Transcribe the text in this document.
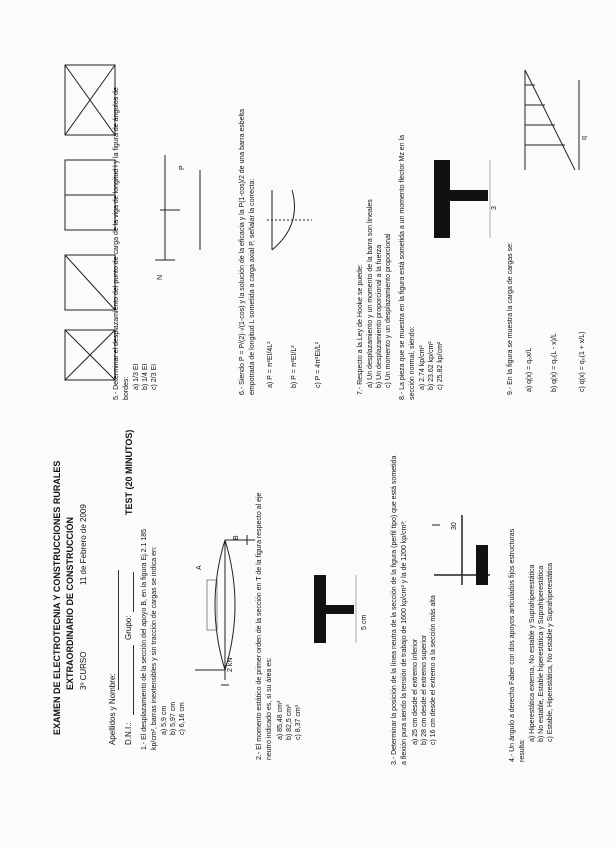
EXAMEN DE ELECTROTECNIA Y CONSTRUCCIONES RURALES EXTRAORDINARIO DE CONSTRUCCIÓN 3º CURSO
11 de Febrero de 2009
Apellidos y Nombre: D.N.I.:
Grupo:
TEST (20 MINUTOS)
1.- El desplazamiento de la sección del apoyo B, en la figura Ej.2.1 185 kp/cm², barras inextensibles y sin tracción de cargas se indica en: a) 5,9 cm b) 5,97 cm c) 6,16 cm
2 kN
A
B 2.- El momento estático de primer orden de la sección en T de la figura respecto al eje neutro indicado es, si su área es: a) 85,48 cm³ b) 82,5 cm³ c) 8,37 cm³
5 cm	3.- Determinar la posición de la línea neutra de la sección de la figura (perfil tipo) que está sometida a flexión pura siendo la tensión de trabajo de 1600 kp/cm² y la de 1200 kp/cm²: a) 25 cm desde el extremo inferior b) 28 cm desde el extremo superior c) 16 cm desde el extremo a la sección más alta
30
4.- Un ángulo a derecha Faber con dos apoyos articulados fijos estructuras resulta:
a) Hiperestática externa, No estable y Suprahiperestática b) No estable, Estable hiperestática y Suprahiperestática c) Estable, Hiperestática, No estable y Suprahiperestática
5.- Determinar el desplazamiento del punto de carga de la viga de longitud l y la figura de ángulos de bordes: a) 1/3 EI b) 1/4 EI c) 2/3 EI
N
P	6.- Siendo P = P/(2)·√(1-cos) y la solución de la eficacia y la P(1-cos)/2 de una barra esbelta empotrada de longitud L sometida a carga axial P, señalar la correcta: a) P = π²EI/4L² b) P = π²EI/L² c) P = 4π²EI/L²	7.- Respecto a la Ley de Hooke se puede: a) Un desplazamiento y un momento de la barra son lineales b) Un desplazamiento proporcional a la fuerza c) Un momento y un desplazamiento proporcional 8.- La pieza que se muestra en la figura está sometida a un momento flector Mz en la sección normal, siendo: a) 2.74 kp/cm² b) 23.62 kp/cm² c) 25.82 kp/cm²
3
9.- En la figura se muestra la carga de cargas se: a) q(x) = q₀x/L	b) q(x) = q₀(L - x)/L	c) q(x) = q₀(1 + x/L)
q
